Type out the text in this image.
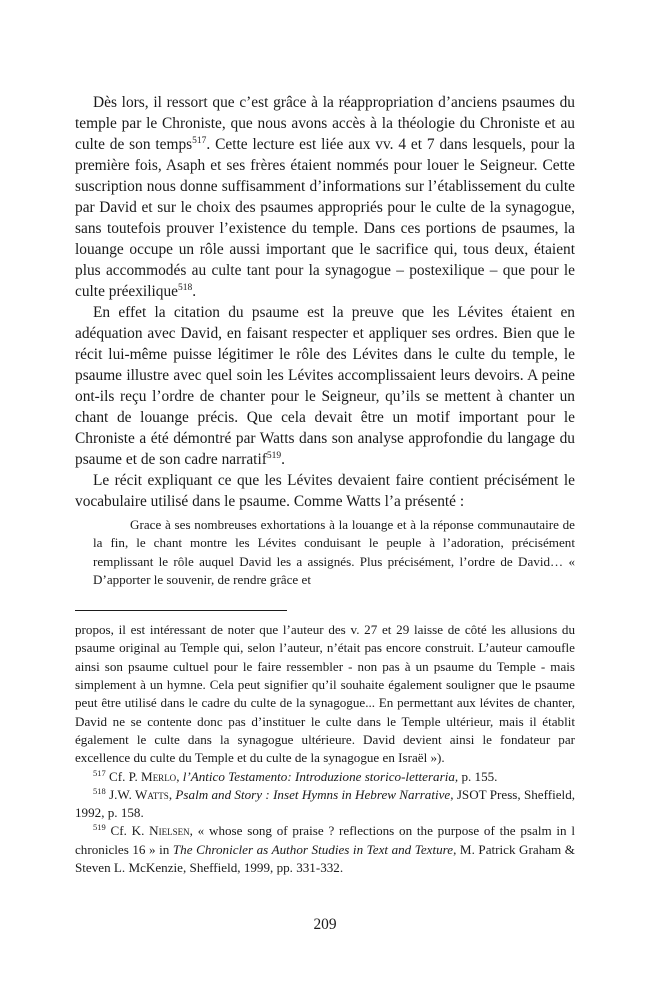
Dès lors, il ressort que c’est grâce à la réappropriation d’anciens psaumes du temple par le Chroniste, que nous avons accès à la théologie du Chroniste et au culte de son temps$^{517}$. Cette lecture est liée aux vv. 4 et 7 dans lesquels, pour la première fois, Asaph et ses frères étaient nommés pour louer le Seigneur. Cette suscription nous donne suffisamment d’informations sur l’établissement du culte par David et sur le choix des psaumes appropriés pour le culte de la synagogue, sans toutefois prouver l’existence du temple. Dans ces portions de psaumes, la louange occupe un rôle aussi important que le sacrifice qui, tous deux, étaient plus accommodés au culte tant pour la synagogue – postexilique – que pour le culte préexilique$^{518}$.

En effet la citation du psaume est la preuve que les Lévites étaient en adéquation avec David, en faisant respecter et appliquer ses ordres. Bien que le récit lui-même puisse légitimer le rôle des Lévites dans le culte du temple, le psaume illustre avec quel soin les Lévites accomplissaient leurs devoirs. A peine ont-ils reçu l’ordre de chanter pour le Seigneur, qu’ils se mettent à chanter un chant de louange précis. Que cela devait être un motif important pour le Chroniste a été démontré par Watts dans son analyse approfondie du langage du psaume et de son cadre narratif$^{519}$.

Le récit expliquant ce que les Lévites devaient faire contient précisément le vocabulaire utilisé dans le psaume. Comme Watts l’a présenté :

Grace à ses nombreuses exhortations à la louange et à la réponse communautaire de la fin, le chant montre les Lévites conduisant le peuple à l’adoration, précisément remplissant le rôle auquel David les a assignés. Plus précisément, l’ordre de David… « D’apporter le souvenir, de rendre grâce et

propos, il est intéressant de noter que l’auteur des v. 27 et 29 laisse de côté les allusions du psaume original au Temple qui, selon l’auteur, n’était pas encore construit. L’auteur camoufle ainsi son psaume cultuel pour le faire ressembler - non pas à un psaume du Temple - mais simplement à un hymne. Cela peut signifier qu’il souhaite également souligner que le psaume peut être utilisé dans le cadre du culte de la synagogue... En permettant aux lévites de chanter, David ne se contente donc pas d’instituer le culte dans le Temple ultérieur, mais il établit également le culte dans la synagogue ultérieure. David devient ainsi le fondateur par excellence du culte du Temple et du culte de la synagogue en Israël »).

$^{517}$ Cf. P. Merlo, l’Antico Testamento: Introduzione storico-letteraria, p. 155.

$^{518}$ J.W. Watts, Psalm and Story : Inset Hymns in Hebrew Narrative, JSOT Press, Sheffield, 1992, p. 158.

$^{519}$ Cf. K. Nielsen, « whose song of praise ? reflections on the purpose of the psalm in l chronicles 16 » in The Chronicler as Author Studies in Text and Texture, M. Patrick Graham & Steven L. McKenzie, Sheffield, 1999, pp. 331-332.

209
